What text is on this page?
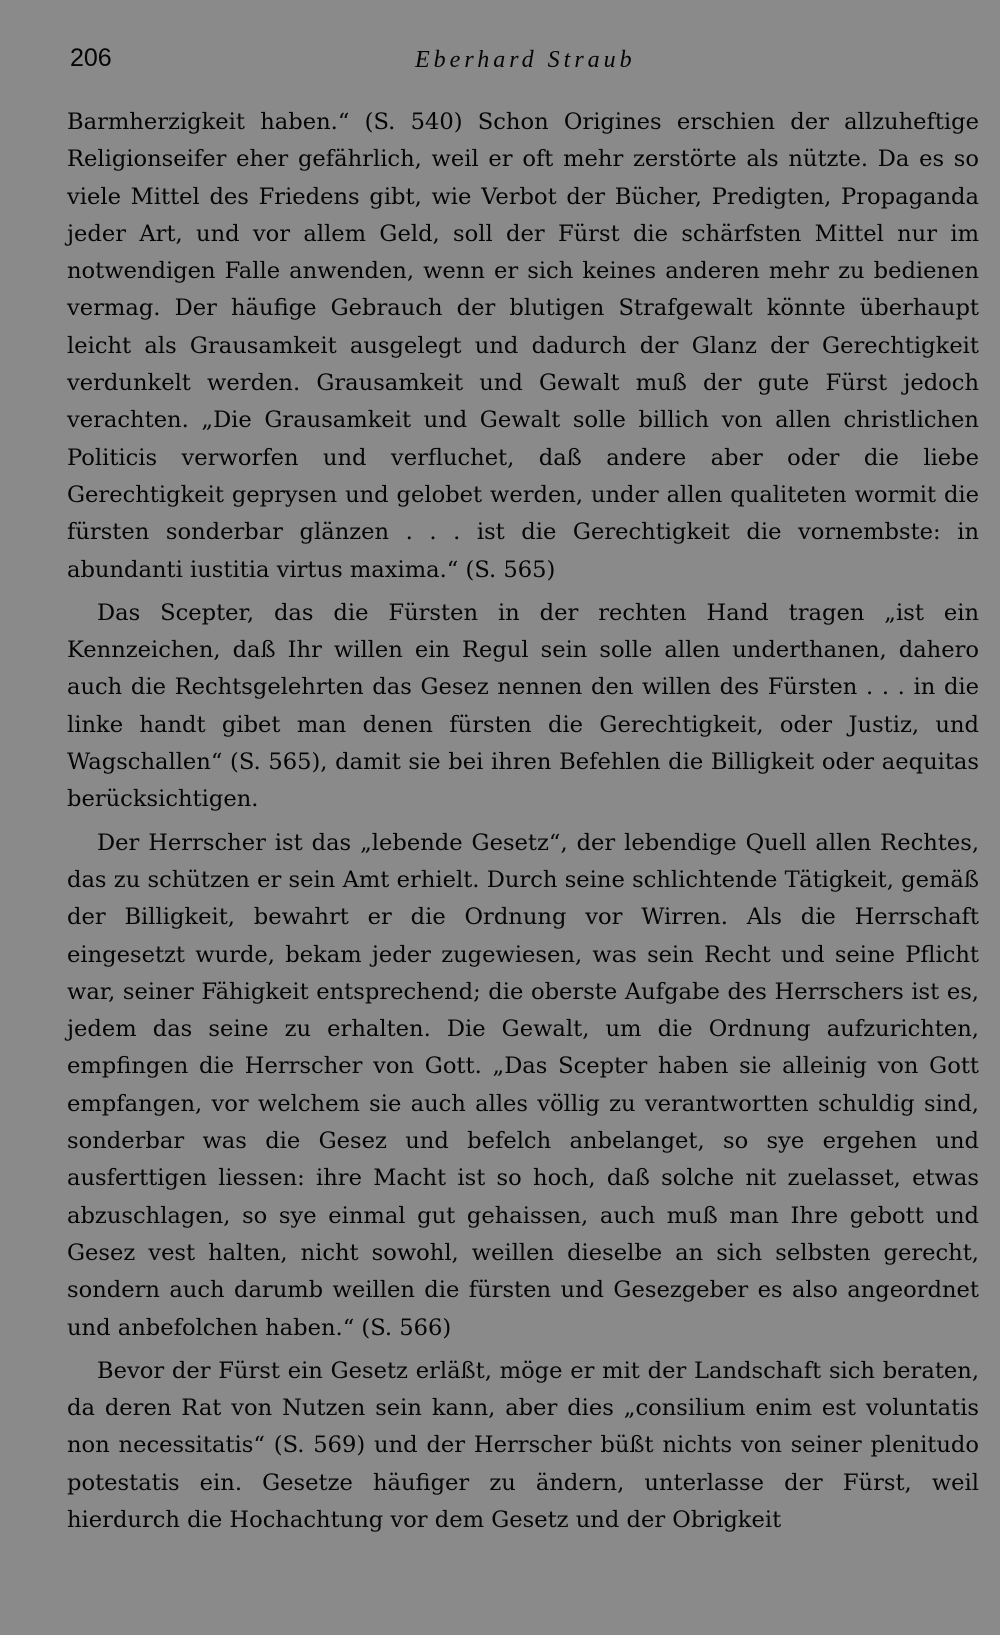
206	Eberhard Straub

Barmherzigkeit haben.“ (S. 540) Schon Origines erschien der allzuheftige Religionseifer eher gefährlich, weil er oft mehr zerstörte als nützte. Da es so viele Mittel des Friedens gibt, wie Verbot der Bücher, Predigten, Propaganda jeder Art, und vor allem Geld, soll der Fürst die schärfsten Mittel nur im notwendigen Falle anwenden, wenn er sich keines anderen mehr zu bedienen vermag. Der häufige Gebrauch der blutigen Strafgewalt könnte überhaupt leicht als Grausamkeit ausgelegt und dadurch der Glanz der Gerechtigkeit verdunkelt werden. Grausamkeit und Gewalt muß der gute Fürst jedoch verachten. „Die Grausamkeit und Gewalt solle billich von allen christlichen Politicis verworfen und verfluchet, daß andere aber oder die liebe Gerechtigkeit geprysen und gelobet werden, under allen qualiteten wormit die fürsten sonderbar glänzen . . . ist die Gerechtigkeit die vornembste: in abundanti iustitia virtus maxima.“ (S. 565)

Das Scepter, das die Fürsten in der rechten Hand tragen „ist ein Kennzeichen, daß Ihr willen ein Regul sein solle allen underthanen, dahero auch die Rechtsgelehrten das Gesez nennen den willen des Fürsten . . . in die linke handt gibet man denen fürsten die Gerechtigkeit, oder Justiz, und Wagschallen“ (S. 565), damit sie bei ihren Befehlen die Billigkeit oder aequitas berücksichtigen.

Der Herrscher ist das „lebende Gesetz“, der lebendige Quell allen Rechtes, das zu schützen er sein Amt erhielt. Durch seine schlichtende Tätigkeit, gemäß der Billigkeit, bewahrt er die Ordnung vor Wirren. Als die Herrschaft eingesetzt wurde, bekam jeder zugewiesen, was sein Recht und seine Pflicht war, seiner Fähigkeit entsprechend; die oberste Aufgabe des Herrschers ist es, jedem das seine zu erhalten. Die Gewalt, um die Ordnung aufzurichten, empfingen die Herrscher von Gott. „Das Scepter haben sie alleinig von Gott empfangen, vor welchem sie auch alles völlig zu verantwortten schuldig sind, sonderbar was die Gesez und befelch anbelanget, so sye ergehen und ausferttigen liessen: ihre Macht ist so hoch, daß solche nit zuelasset, etwas abzuschlagen, so sye einmal gut gehaissen, auch muß man Ihre gebott und Gesez vest halten, nicht sowohl, weillen dieselbe an sich selbsten gerecht, sondern auch darumb weillen die fürsten und Gesezgeber es also angeordnet und anbefolchen haben.“ (S. 566)

Bevor der Fürst ein Gesetz erläßt, möge er mit der Landschaft sich beraten, da deren Rat von Nutzen sein kann, aber dies „consilium enim est voluntatis non necessitatis“ (S. 569) und der Herrscher büßt nichts von seiner plenitudo potestatis ein. Gesetze häufiger zu ändern, unterlasse der Fürst, weil hierdurch die Hochachtung vor dem Gesetz und der Obrigkeit
